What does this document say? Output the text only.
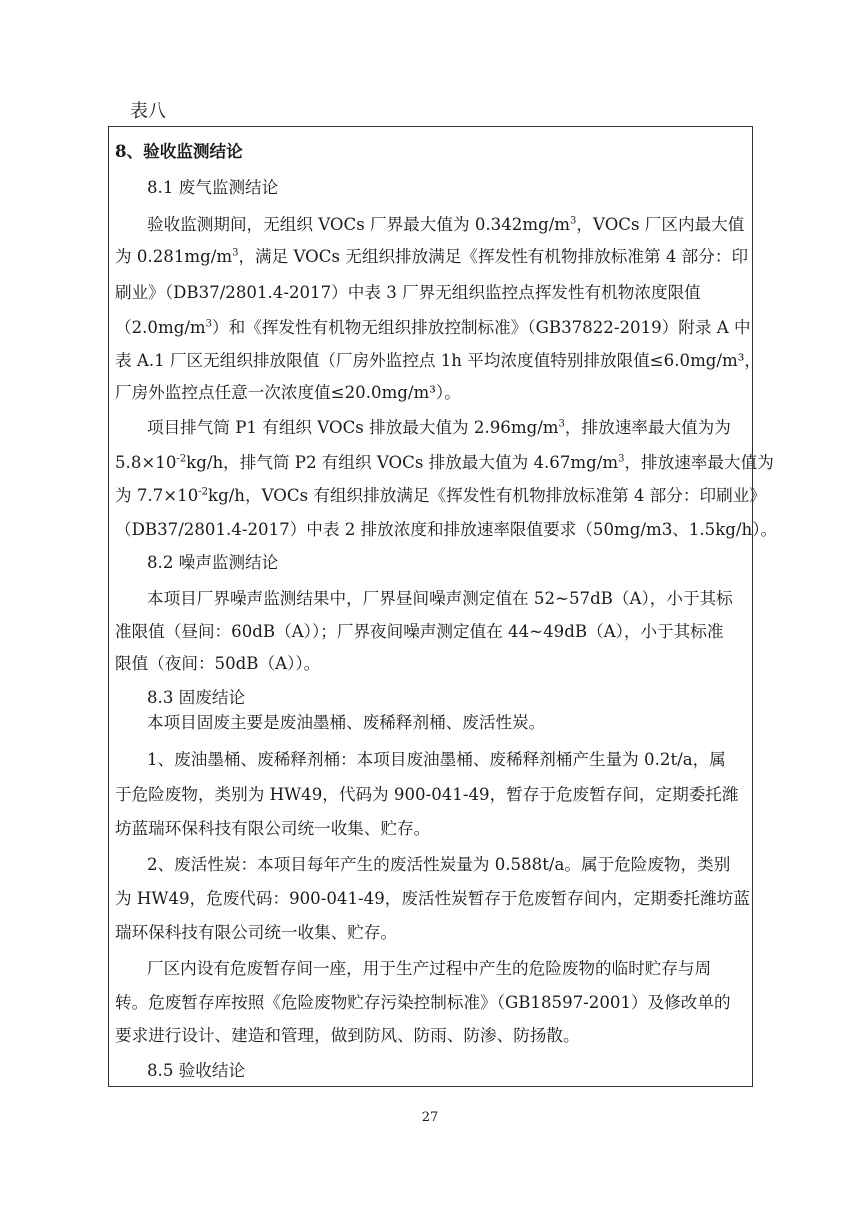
表八
8、验收监测结论
8.1 废气监测结论
验收监测期间，无组织 VOCs 厂界最大值为 $0.342mg/m^3$，VOCs 厂区内最大值
为 $0.281mg/m^3$，满足 VOCs 无组织排放满足《挥发性有机物排放标准第 4 部分：印
刷业》（DB37/2801.4-2017）中表 3 厂界无组织监控点挥发性有机物浓度限值
$(2.0mg/m^3)$和《挥发性有机物无组织排放控制标准》（GB37822-2019）附录 A 中
表 A.1 厂区无组织排放限值（厂房外监控点 1h 平均浓度值特别排放限值≤6.0mg/m³，
厂房外监控点任意一次浓度值≤20.0mg/m³）。
项目排气筒 P1 有组织 VOCs 排放最大值为 $2.96mg/m^3$，排放速率最大值为为
$5.8\times 10^{-2}kg/h$，排气筒 P2 有组织 VOCs 排放最大值为 $4.67mg/m^3$，排放速率最大值为
为 $7.7\times 10^{-2}kg/h$，VOCs 有组织排放满足《挥发性有机物排放标准第 4 部分：印刷业》
（DB37/2801.4-2017）中表 2 排放浓度和排放速率限值要求（50mg/m3、1.5kg/h）。
8.2 噪声监测结论
本项目厂界噪声监测结果中，厂界昼间噪声测定值在 52~57dB（A），小于其标
准限值（昼间：60dB（A））；厂界夜间噪声测定值在 44~49dB（A），小于其标准
限值（夜间：50dB（A））。
8.3 固废结论
本项目固废主要是废油墨桶、废稀释剂桶、废活性炭。
1、废油墨桶、废稀释剂桶：本项目废油墨桶、废稀释剂桶产生量为 0.2t/a，属
于危险废物，类别为 HW49，代码为 900-041-49，暂存于危废暂存间，定期委托潍
坊蓝瑞环保科技有限公司统一收集、贮存。
2、废活性炭：本项目每年产生的废活性炭量为 0.588t/a。属于危险废物，类别
为 HW49，危废代码：900-041-49，废活性炭暂存于危废暂存间内，定期委托潍坊蓝
瑞环保科技有限公司统一收集、贮存。
厂区内设有危废暂存间一座，用于生产过程中产生的危险废物的临时贮存与周
转。危废暂存库按照《危险废物贮存污染控制标准》（GB18597-2001）及修改单的
要求进行设计、建造和管理，做到防风、防雨、防渗、防扬散。
8.5 验收结论
27
